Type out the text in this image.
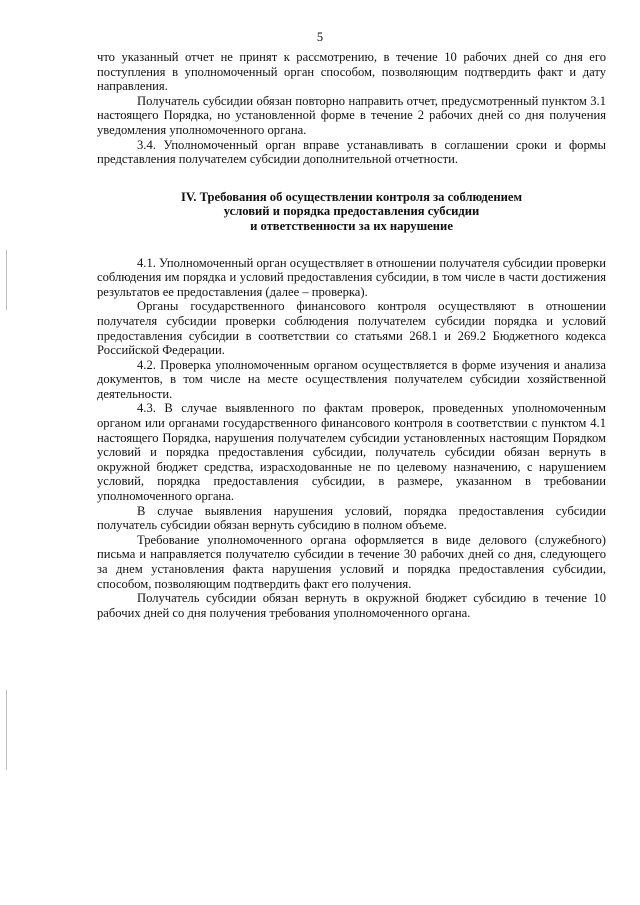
5

что указанный отчет не принят к рассмотрению, в течение 10 рабочих дней со дня его поступления в уполномоченный орган способом, позволяющим подтвердить факт и дату направления.

Получатель субсидии обязан повторно направить отчет, предусмотренный пунктом 3.1 настоящего Порядка, но установленной форме в течение 2 рабочих дней со дня получения уведомления уполномоченного органа.

3.4. Уполномоченный орган вправе устанавливать в соглашении сроки и формы представления получателем субсидии дополнительной отчетности.

IV. Требования об осуществлении контроля за соблюдением
условий и порядка предоставления субсидии
и ответственности за их нарушение

4.1. Уполномоченный орган осуществляет в отношении получателя субсидии проверки соблюдения им порядка и условий предоставления субсидии, в том числе в части достижения результатов ее предоставления (далее – проверка).

Органы государственного финансового контроля осуществляют в отношении получателя субсидии проверки соблюдения получателем субсидии порядка и условий предоставления субсидии в соответствии со статьями 268.1 и 269.2 Бюджетного кодекса Российской Федерации.

4.2. Проверка уполномоченным органом осуществляется в форме изучения и анализа документов, в том числе на месте осуществления получателем субсидии хозяйственной деятельности.

4.3. В случае выявленного по фактам проверок, проведенных уполномоченным органом или органами государственного финансового контроля в соответствии с пунктом 4.1 настоящего Порядка, нарушения получателем субсидии установленных настоящим Порядком условий и порядка предоставления субсидии, получатель субсидии обязан вернуть в окружной бюджет средства, израсходованные не по целевому назначению, с нарушением условий, порядка предоставления субсидии, в размере, указанном в требовании уполномоченного органа.

В случае выявления нарушения условий, порядка предоставления субсидии получатель субсидии обязан вернуть субсидию в полном объеме.

Требование уполномоченного органа оформляется в виде делового (служебного) письма и направляется получателю субсидии в течение 30 рабочих дней со дня, следующего за днем установления факта нарушения условий и порядка предоставления субсидии, способом, позволяющим подтвердить факт его получения.

Получатель субсидии обязан вернуть в окружной бюджет субсидию в течение 10 рабочих дней со дня получения требования уполномоченного органа.
